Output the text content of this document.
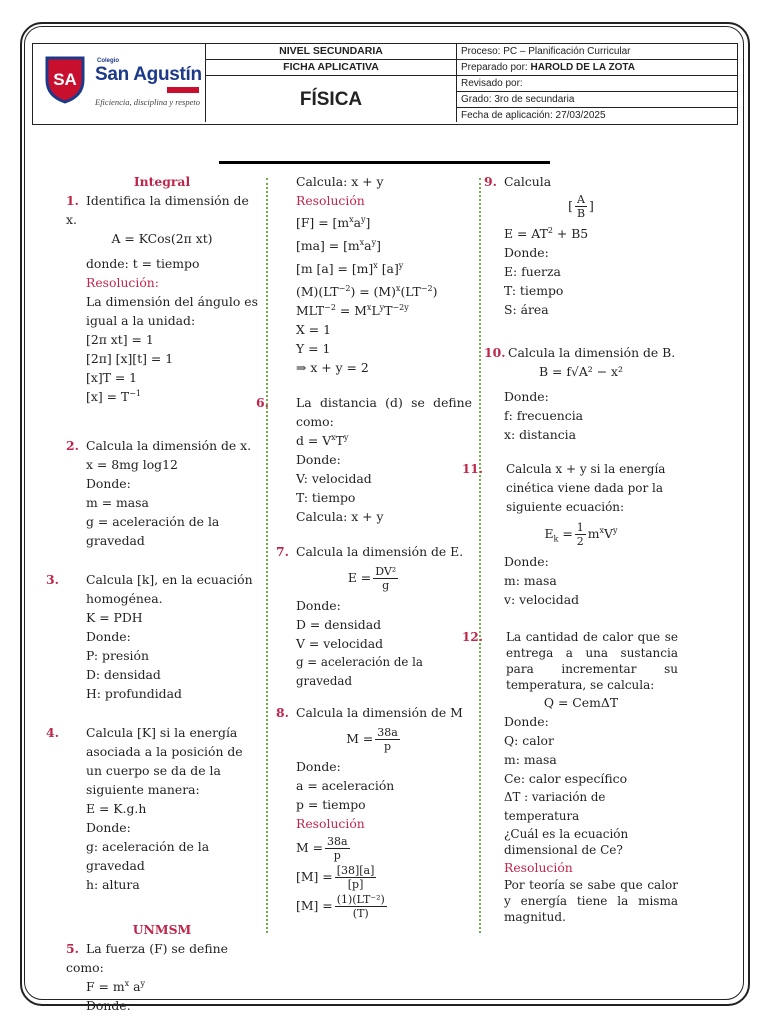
SA
Colegio
San Agustín
Eficiencia, disciplina y respeto
NIVEL SECUNDARIA
FICHA APLICATIVA
FÍSICA
Proceso: PC – Planificación Curricular
Preparado por: HAROLD DE LA ZOTA
Revisado por:
Grado: 3ro de secundaria
Fecha de aplicación: 27/03/2025

Integral

1. Identifica la dimensión de x.

A = KCos(2π xt)

donde: t = tiempo

Resolución:

La dimensión del ángulo es igual a la unidad:

[2π xt] = 1

[2π] [x][t] = 1

[x]T = 1

$[x] = T^{-1}$

2. Calcula la dimensión de x.

x = 8mg log12

Donde:

m = masa

g = aceleración de la gravedad

3. Calcula [k], en la ecuación homogénea.

K = PDH

Donde:

P: presión

D: densidad

H: profundidad

4. Calcula [K] si la energía asociada a la posición de un cuerpo se da de la siguiente manera:

E = K.g.h

Donde:

g: aceleración de la gravedad

h: altura

UNMSM

5. La fuerza (F) se define como:

$F = m^x$ $a^y$

Donde:

Calcula: x + y

Resolución

$[F] = [m^xa^y]$

$[ma] = [m^xa^y]$

[m $[a] = [m]^x$ $[a]^y$

$(M)(LT^{-2}) = (M)^x(LT^{-2})$

$MLT^{-2} = M^xL^yT^{-2y}$

X = 1

Y = 1

⇒ x + y = 2

6. La distancia (d) se define como:

$d = V^xT^y$

Donde:

V: velocidad

T: tiempo

Calcula: x + y

7. Calcula la dimensión de E.

$E = \frac{\text{DV²}}{g}$

Donde:

D = densidad

V = velocidad

g = aceleración de la gravedad

8. Calcula la dimensión de M

$M = \frac{38a}{p}$

Donde:

a = aceleración

p = tiempo

Resolución

$M = \frac{38a}{p}$

$[M] = \frac{[38][a]}{[p]}$

$[M] = \frac{\text{(1)(LT⁻²)}}{(T)}$

9. Calcula

[ $\frac{A}{B}$ ]

$E = AT^2 + B5$

Donde:

E: fuerza

T: tiempo

S: área

10. Calcula la dimensión de B.

B = f√A² − x²

Donde:

f: frecuencia

x: distancia

11. Calcula x + y si la energía cinética viene dada por la siguiente ecuación:

$E_k = \frac{1}{2} m^xV^y$

Donde:

m: masa

v: velocidad

12. La cantidad de calor que se entrega a una sustancia para incrementar su temperatura, se calcula:

Q = CemΔT

Donde:

Q: calor

m: masa

Ce: calor específico

ΔT : variación de temperatura

¿Cuál es la ecuación dimensional de Ce?

Resolución

Por teoría se sabe que calor y energía tiene la misma magnitud.
